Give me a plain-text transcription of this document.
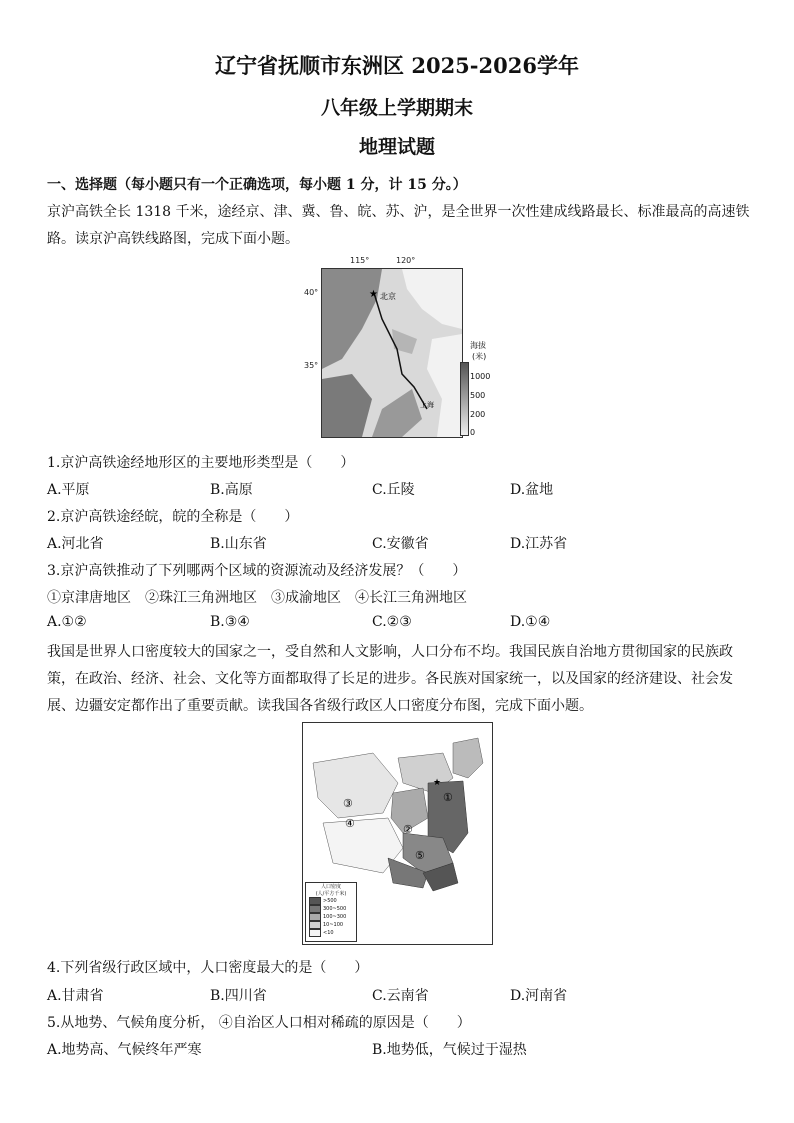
辽宁省抚顺市东洲区 2025-2026学年
八年级上学期期末
地理试题
一、选择题（每小题只有一个正确选项，每小题 1 分，计 15 分。）
京沪高铁全长 1318 千米，途经京、津、冀、鲁、皖、苏、沪，是全世界一次性建成线路最长、标准最高的高速铁
路。读京沪高铁线路图，完成下面小题。
115°	120°
40°
35°
★ 北京
上海
海拔
(米)
1000
500
200
0
1.京沪高铁途经地形区的主要地形类型是（　　）
A.平原	B.高原	C.丘陵	D.盆地
2.京沪高铁途经皖，皖的全称是（　　）
A.河北省	B.山东省	C.安徽省	D.江苏省
3.京沪高铁推动了下列哪两个区域的资源流动及经济发展？（　　）
①京津唐地区　②珠江三角洲地区　③成渝地区　④长江三角洲地区
A.①②	B.③④	C.②③	D.①④
我国是世界人口密度较大的国家之一，受自然和人文影响，人口分布不均。我国民族自治地方贯彻国家的民族政
策，在政治、经济、社会、文化等方面都取得了长足的进步。各民族对国家统一，以及国家的经济建设、社会发
展、边疆安定都作出了重要贡献。读我国各省级行政区人口密度分布图，完成下面小题。
★
①
②
③
④
⑤
人口密度
(人/平方千米)
>500
300~500
100~300
10~100
<10
4.下列省级行政区域中，人口密度最大的是（　　）
A.甘肃省	B.四川省	C.云南省	D.河南省
5.从地势、气候角度分析， ④自治区人口相对稀疏的原因是（　　）
A.地势高、气候终年严寒	B.地势低，气候过于湿热
